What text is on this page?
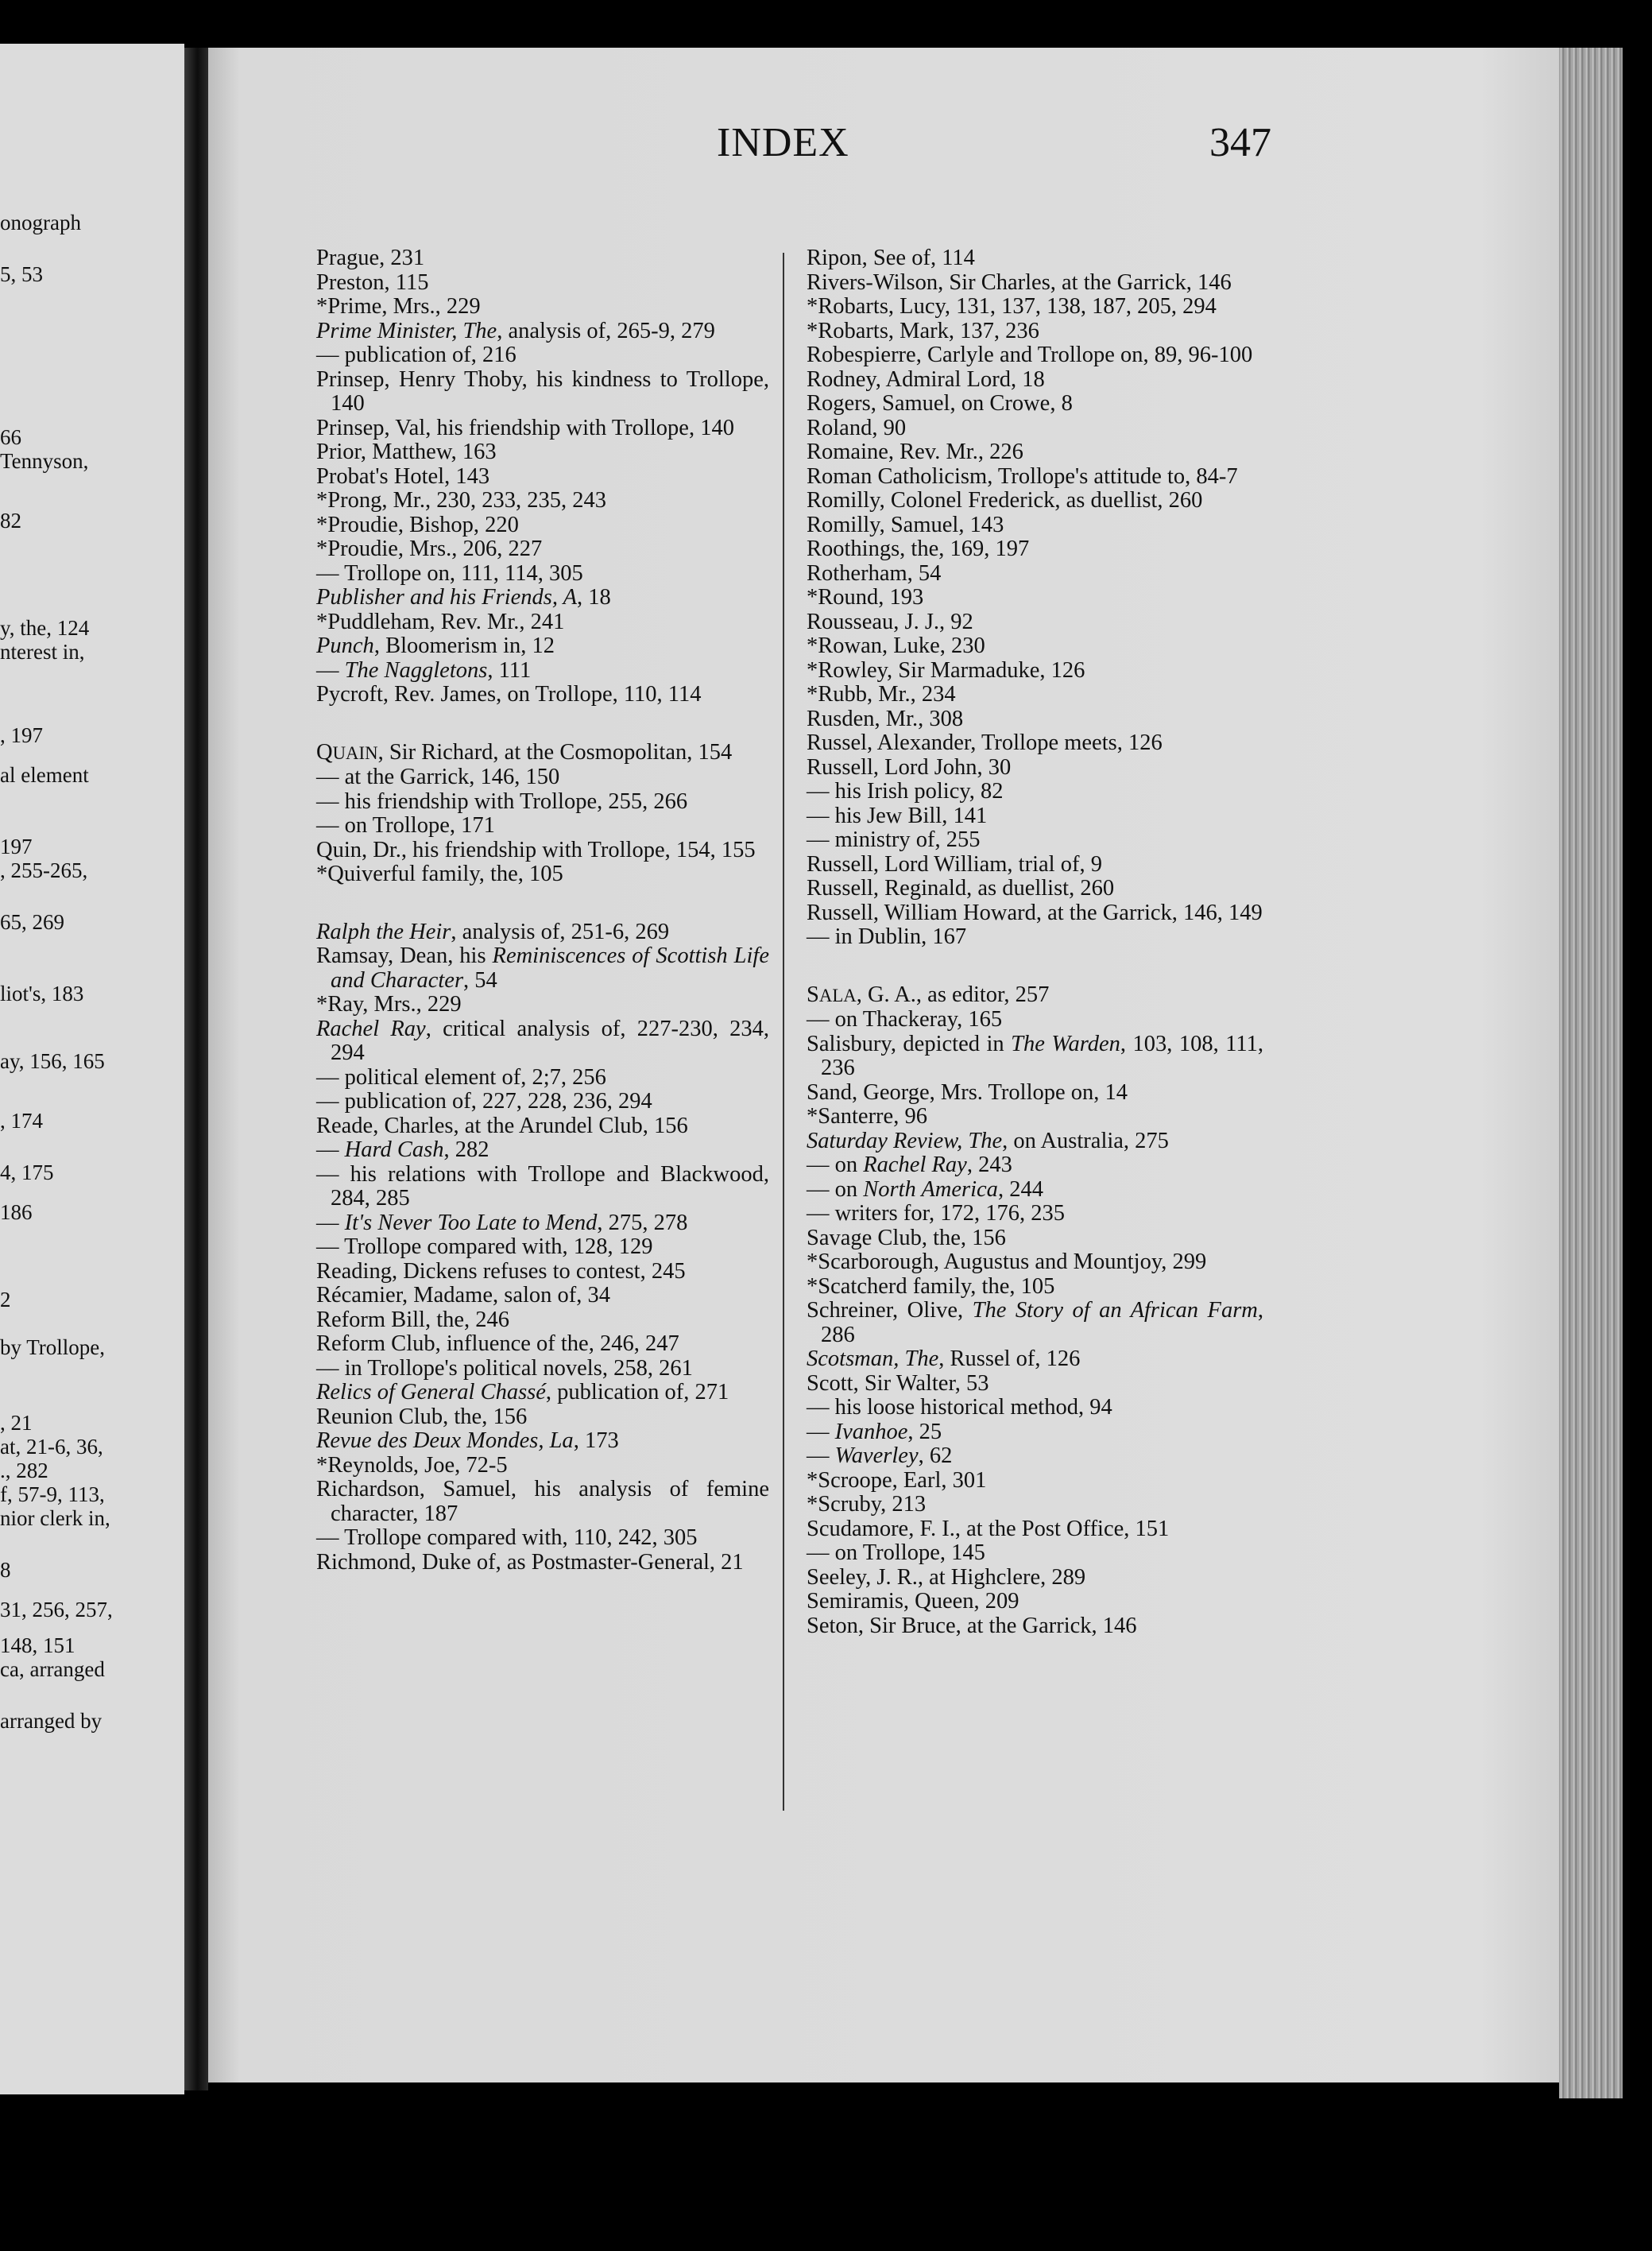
onograph
5, 53
66
Tennyson,
82
y, the, 124
nterest in,
, 197
al element
197
, 255-265,
65, 269
liot's, 183
ay, 156, 165
, 174
4, 175
186
2
by Trollope,
, 21
at, 21-6, 36,
., 282
f, 57-9, 113,
nior clerk in,
8
31, 256, 257,
148, 151
ca, arranged
arranged by
INDEX	347
Prague, 231
Preston, 115
*Prime, Mrs., 229
Prime Minister, The, analysis of, 265-9, 279
— publication of, 216
Prinsep, Henry Thoby, his kindness to Trollope, 140
Prinsep, Val, his friendship with Trollope, 140
Prior, Matthew, 163
Probat's Hotel, 143
*Prong, Mr., 230, 233, 235, 243
*Proudie, Bishop, 220
*Proudie, Mrs., 206, 227
— Trollope on, 111, 114, 305
Publisher and his Friends, A, 18
*Puddleham, Rev. Mr., 241
Punch, Bloomerism in, 12
— The Naggletons, 111
Pycroft, Rev. James, on Trollope, 110, 114
QUAIN, Sir Richard, at the Cosmopolitan, 154
— at the Garrick, 146, 150
— his friendship with Trollope, 255, 266
— on Trollope, 171
Quin, Dr., his friendship with Trollope, 154, 155
*Quiverful family, the, 105
Ralph the Heir, analysis of, 251-6, 269
Ramsay, Dean, his Reminiscences of Scottish Life and Character, 54
*Ray, Mrs., 229
Rachel Ray, critical analysis of, 227-230, 234, 294
— political element of, 2;7, 256
— publication of, 227, 228, 236, 294
Reade, Charles, at the Arundel Club, 156
— Hard Cash, 282
— his relations with Trollope and Blackwood, 284, 285
— It's Never Too Late to Mend, 275, 278
— Trollope compared with, 128, 129
Reading, Dickens refuses to contest, 245
Récamier, Madame, salon of, 34
Reform Bill, the, 246
Reform Club, influence of the, 246, 247
— in Trollope's political novels, 258, 261
Relics of General Chassé, publication of, 271
Reunion Club, the, 156
Revue des Deux Mondes, La, 173
*Reynolds, Joe, 72-5
Richardson, Samuel, his analysis of femine character, 187
— Trollope compared with, 110, 242, 305
Richmond, Duke of, as Postmaster-General, 21
Ripon, See of, 114
Rivers-Wilson, Sir Charles, at the Garrick, 146
*Robarts, Lucy, 131, 137, 138, 187, 205, 294
*Robarts, Mark, 137, 236
Robespierre, Carlyle and Trollope on, 89, 96-100
Rodney, Admiral Lord, 18
Rogers, Samuel, on Crowe, 8
Roland, 90
Romaine, Rev. Mr., 226
Roman Catholicism, Trollope's attitude to, 84-7
Romilly, Colonel Frederick, as duellist, 260
Romilly, Samuel, 143
Roothings, the, 169, 197
Rotherham, 54
*Round, 193
Rousseau, J. J., 92
*Rowan, Luke, 230
*Rowley, Sir Marmaduke, 126
*Rubb, Mr., 234
Rusden, Mr., 308
Russel, Alexander, Trollope meets, 126
Russell, Lord John, 30
— his Irish policy, 82
— his Jew Bill, 141
— ministry of, 255
Russell, Lord William, trial of, 9
Russell, Reginald, as duellist, 260
Russell, William Howard, at the Garrick, 146, 149
— in Dublin, 167
SALA, G. A., as editor, 257
— on Thackeray, 165
Salisbury, depicted in The Warden, 103, 108, 111, 236
Sand, George, Mrs. Trollope on, 14
*Santerre, 96
Saturday Review, The, on Australia, 275
— on Rachel Ray, 243
— on North America, 244
— writers for, 172, 176, 235
Savage Club, the, 156
*Scarborough, Augustus and Mountjoy, 299
*Scatcherd family, the, 105
Schreiner, Olive, The Story of an African Farm, 286
Scotsman, The, Russel of, 126
Scott, Sir Walter, 53
— his loose historical method, 94
— Ivanhoe, 25
— Waverley, 62
*Scroope, Earl, 301
*Scruby, 213
Scudamore, F. I., at the Post Office, 151
— on Trollope, 145
Seeley, J. R., at Highclere, 289
Semiramis, Queen, 209
Seton, Sir Bruce, at the Garrick, 146
